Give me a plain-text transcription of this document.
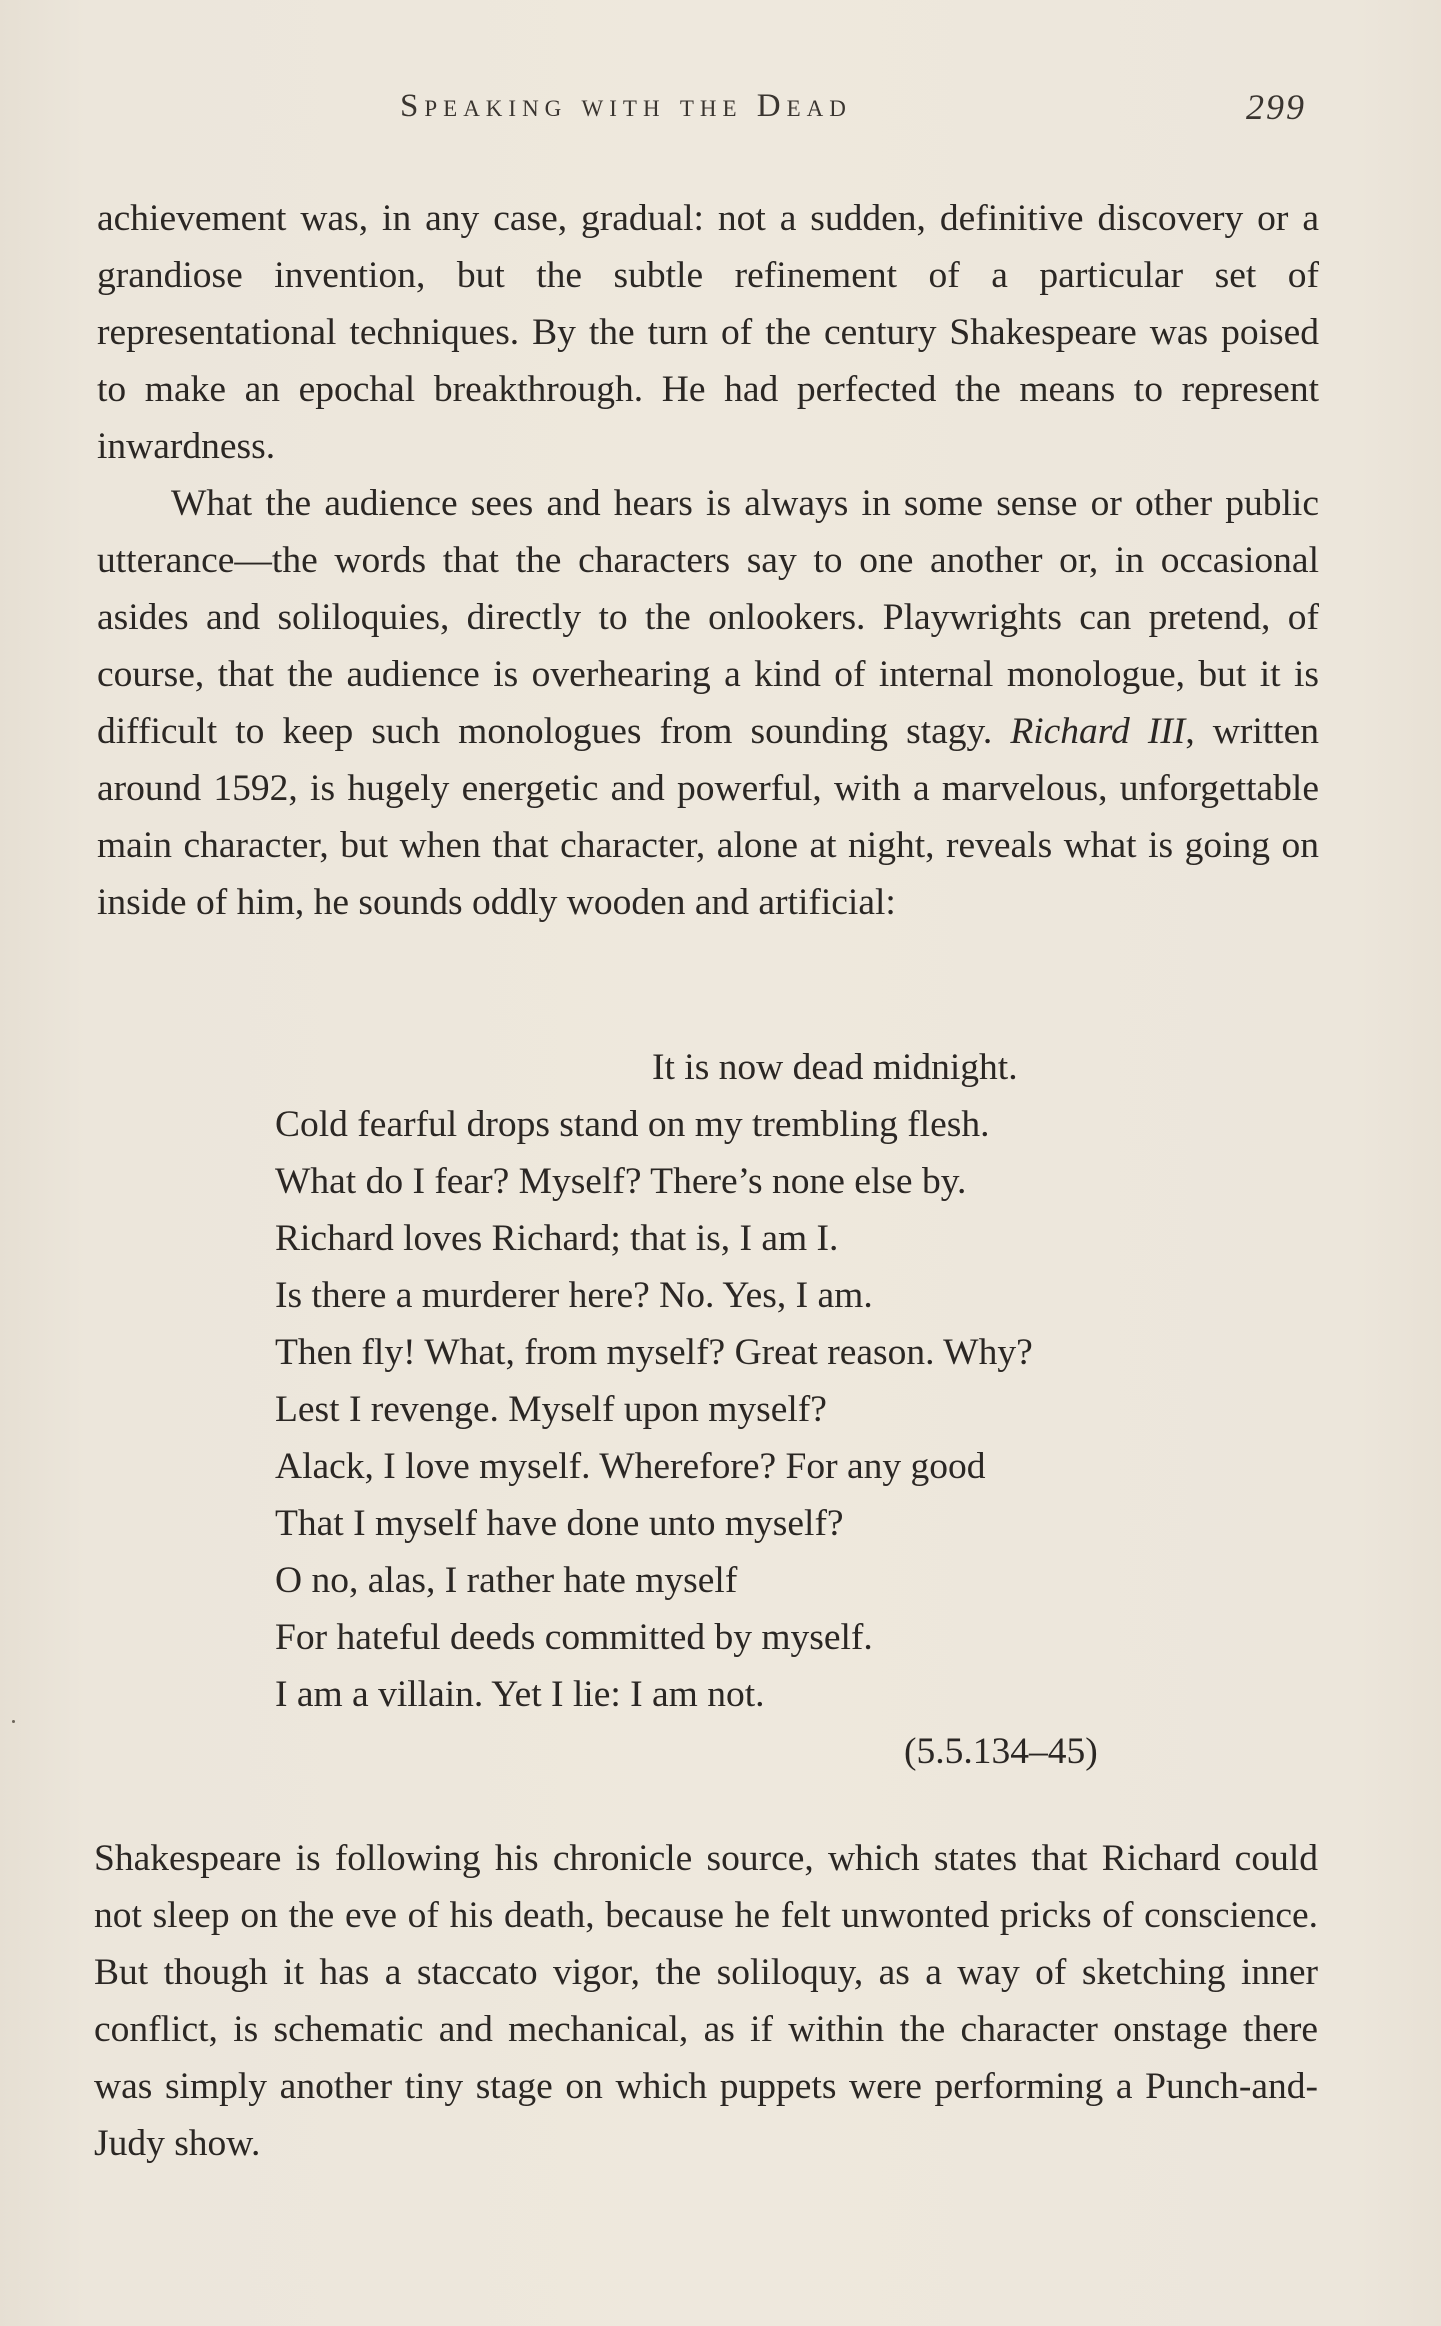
Speaking with the Dead	299

achievement was, in any case, gradual: not a sudden, definitive discovery or a grandiose invention, but the subtle refinement of a particular set of representational techniques. By the turn of the century Shakespeare was poised to make an epochal breakthrough. He had perfected the means to represent inwardness.

What the audience sees and hears is always in some sense or other public utterance—the words that the characters say to one another or, in occasional asides and soliloquies, directly to the onlookers. Playwrights can pretend, of course, that the audience is overhearing a kind of internal monologue, but it is difficult to keep such monologues from sounding stagy. Richard III, written around 1592, is hugely energetic and powerful, with a marvelous, unforgettable main character, but when that character, alone at night, reveals what is going on inside of him, he sounds oddly wooden and artificial:

It is now dead midnight.
Cold fearful drops stand on my trembling flesh.
What do I fear? Myself? There’s none else by.
Richard loves Richard; that is, I am I.
Is there a murderer here? No. Yes, I am.
Then fly! What, from myself? Great reason. Why?
Lest I revenge. Myself upon myself?
Alack, I love myself. Wherefore? For any good
That I myself have done unto myself?
O no, alas, I rather hate myself
For hateful deeds committed by myself.
I am a villain. Yet I lie: I am not.
(5.5.134–45)

Shakespeare is following his chronicle source, which states that Richard could not sleep on the eve of his death, because he felt unwonted pricks of conscience. But though it has a staccato vigor, the soliloquy, as a way of sketching inner conflict, is schematic and mechanical, as if within the character onstage there was simply another tiny stage on which puppets were performing a Punch-and-Judy show.
